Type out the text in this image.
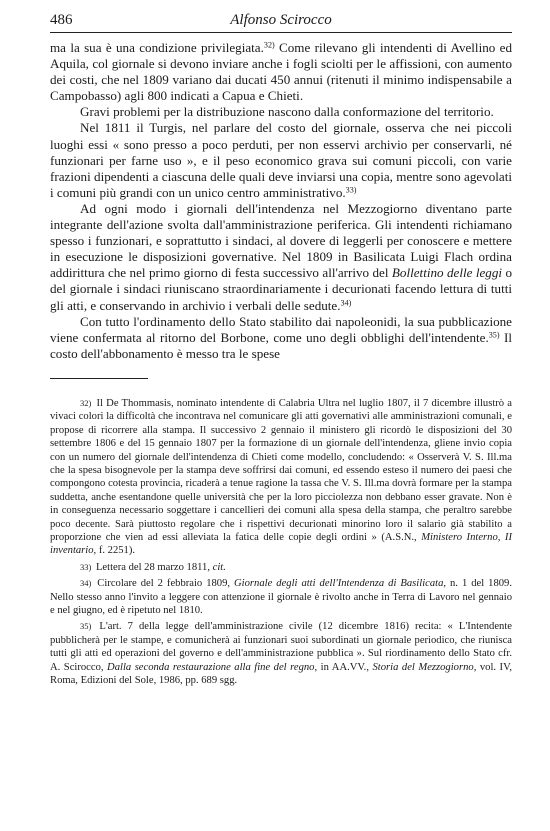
486	Alfonso Scirocco

ma la sua è una condizione privilegiata.$^{32)}$ Come rilevano gli intendenti di Avellino ed Aquila, col giornale si devono inviare anche i fogli sciolti per le affissioni, con aumento dei costi, che nel 1809 variano dai ducati 450 annui (ritenuti il minimo indispensabile a Campobasso) agli 800 indicati a Capua e Chieti.

Gravi problemi per la distribuzione nascono dalla conformazione del territorio.

Nel 1811 il Turgis, nel parlare del costo del giornale, osserva che nei piccoli luoghi essi « sono presso a poco perduti, per non esservi archivio per conservarli, né funzionari per farne uso », e il peso economico grava sui comuni piccoli, con varie frazioni dipendenti a ciascuna delle quali deve inviarsi una copia, mentre sono agevolati i comuni più grandi con un unico centro amministrativo.$^{33)}$

Ad ogni modo i giornali dell'intendenza nel Mezzogiorno diventano parte integrante dell'azione svolta dall'amministrazione periferica. Gli intendenti richiamano spesso i funzionari, e soprattutto i sindaci, al dovere di leggerli per conoscere e mettere in esecuzione le disposizioni governative. Nel 1809 in Basilicata Luigi Flach ordina addirittura che nel primo giorno di festa successivo all'arrivo del Bollettino delle leggi o del giornale i sindaci riuniscano straordinariamente i decurionati facendo lettura di tutti gli atti, e conservando in archivio i verbali delle sedute.$^{34)}$

Con tutto l'ordinamento dello Stato stabilito dai napoleonidi, la sua pubblicazione viene confermata al ritorno del Borbone, come uno degli obblighi dell'intendente.$^{35)}$ Il costo dell'abbonamento è messo tra le spese

32) Il De Thommasis, nominato intendente di Calabria Ultra nel luglio 1807, il 7 dicembre illustrò a vivaci colori la difficoltà che incontrava nel comunicare gli atti governativi alle amministrazioni comunali, e propose di ricorrere alla stampa. Il successivo 2 gennaio il ministero gli ricordò le disposizioni del 30 settembre 1806 e del 15 gennaio 1807 per la formazione di un giornale dell'intendenza, gliene invio copia con un numero del giornale dell'intendenza di Chieti come modello, concludendo: « Osserverà V. S. Ill.ma che la spesa bisognevole per la stampa deve soffrirsi dai comuni, ed essendo esteso il numero dei paesi che compongono cotesta provincia, ricaderà a tenue ragione la tassa che V. S. Ill.ma dovrà formare per la stampa suddetta, anche esentandone quelle università che per la loro picciolezza non debbano esser gravate. Non è in conseguenza necessario soggettare i cancellieri dei comuni alla spesa della stampa, che peraltro sarebbe poco decente. Sarà piuttosto regolare che i rispettivi decurionati minorino loro il salario già stabilito a proporzione che vien ad essi alleviata la fatica delle copie degli ordini » (A.S.N., Ministero Interno, II inventario, f. 2251).

33) Lettera del 28 marzo 1811, cit.

34) Circolare del 2 febbraio 1809, Giornale degli atti dell'Intendenza di Basilicata, n. 1 del 1809. Nello stesso anno l'invito a leggere con attenzione il giornale è rivolto anche in Terra di Lavoro nel gennaio e nel giugno, ed è ripetuto nel 1810.

35) L'art. 7 della legge dell'amministrazione civile (12 dicembre 1816) recita: « L'Intendente pubblicherà per le stampe, e comunicherà ai funzionari suoi subordinati un giornale periodico, che riunisca tutti gli atti ed operazioni del governo e dell'amministrazione pubblica ». Sul riordinamento dello Stato cfr. A. Scirocco, Dalla seconda restaurazione alla fine del regno, in AA.VV., Storia del Mezzogiorno, vol. IV, Roma, Edizioni del Sole, 1986, pp. 689 sgg.
